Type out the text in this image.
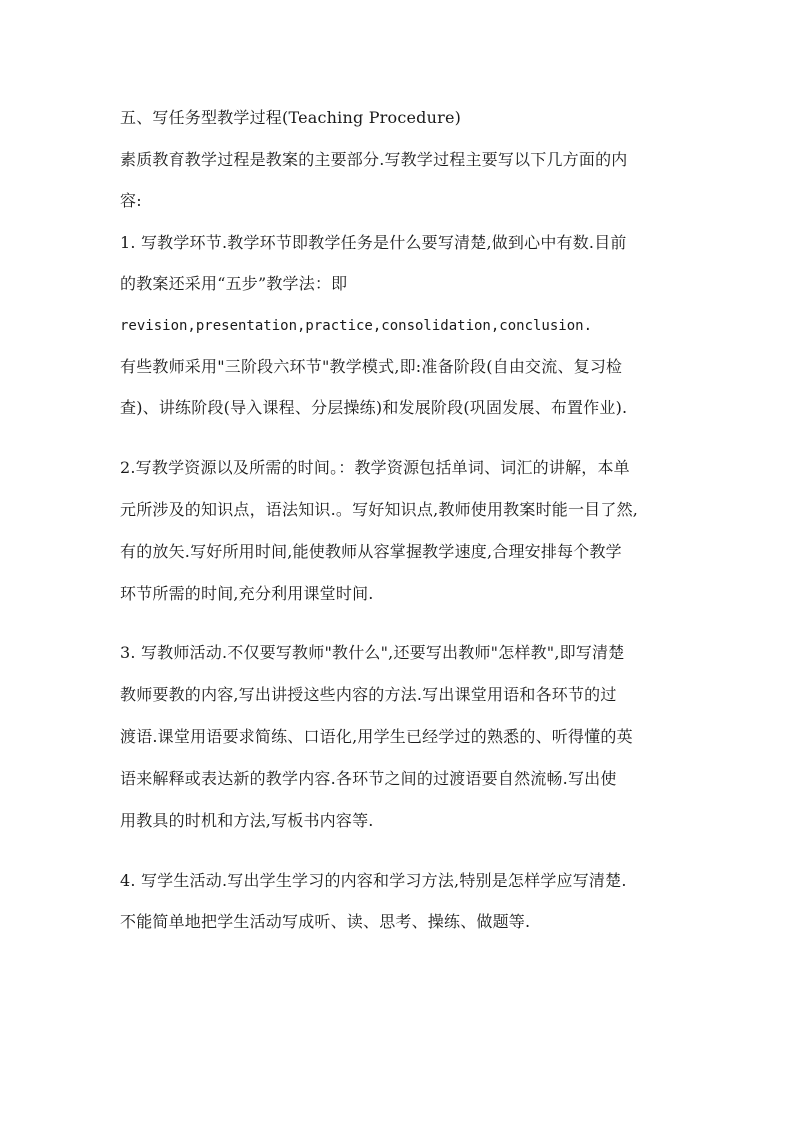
五、写任务型教学过程(Teaching Procedure)
素质教育教学过程是教案的主要部分.写教学过程主要写以下几方面的内
容:
1. 写教学环节.教学环节即教学任务是什么要写清楚,做到心中有数.目前
的教案还采用“五步”教学法：即
revision,presentation,practice,consolidation,conclusion.
有些教师采用"三阶段六环节"教学模式,即:准备阶段(自由交流、复习检
查)、讲练阶段(导入课程、分层操练)和发展阶段(巩固发展、布置作业).
2.写教学资源以及所需的时间。：教学资源包括单词、词汇的讲解，本单
元所涉及的知识点，语法知识.。写好知识点,教师使用教案时能一目了然,
有的放矢.写好所用时间,能使教师从容掌握教学速度,合理安排每个教学
环节所需的时间,充分利用课堂时间.
3. 写教师活动.不仅要写教师"教什么",还要写出教师"怎样教",即写清楚
教师要教的内容,写出讲授这些内容的方法.写出课堂用语和各环节的过
渡语.课堂用语要求简练、口语化,用学生已经学过的熟悉的、听得懂的英
语来解释或表达新的教学内容.各环节之间的过渡语要自然流畅.写出使
用教具的时机和方法,写板书内容等.
4. 写学生活动.写出学生学习的内容和学习方法,特别是怎样学应写清楚.
不能简单地把学生活动写成听、读、思考、操练、做题等.
